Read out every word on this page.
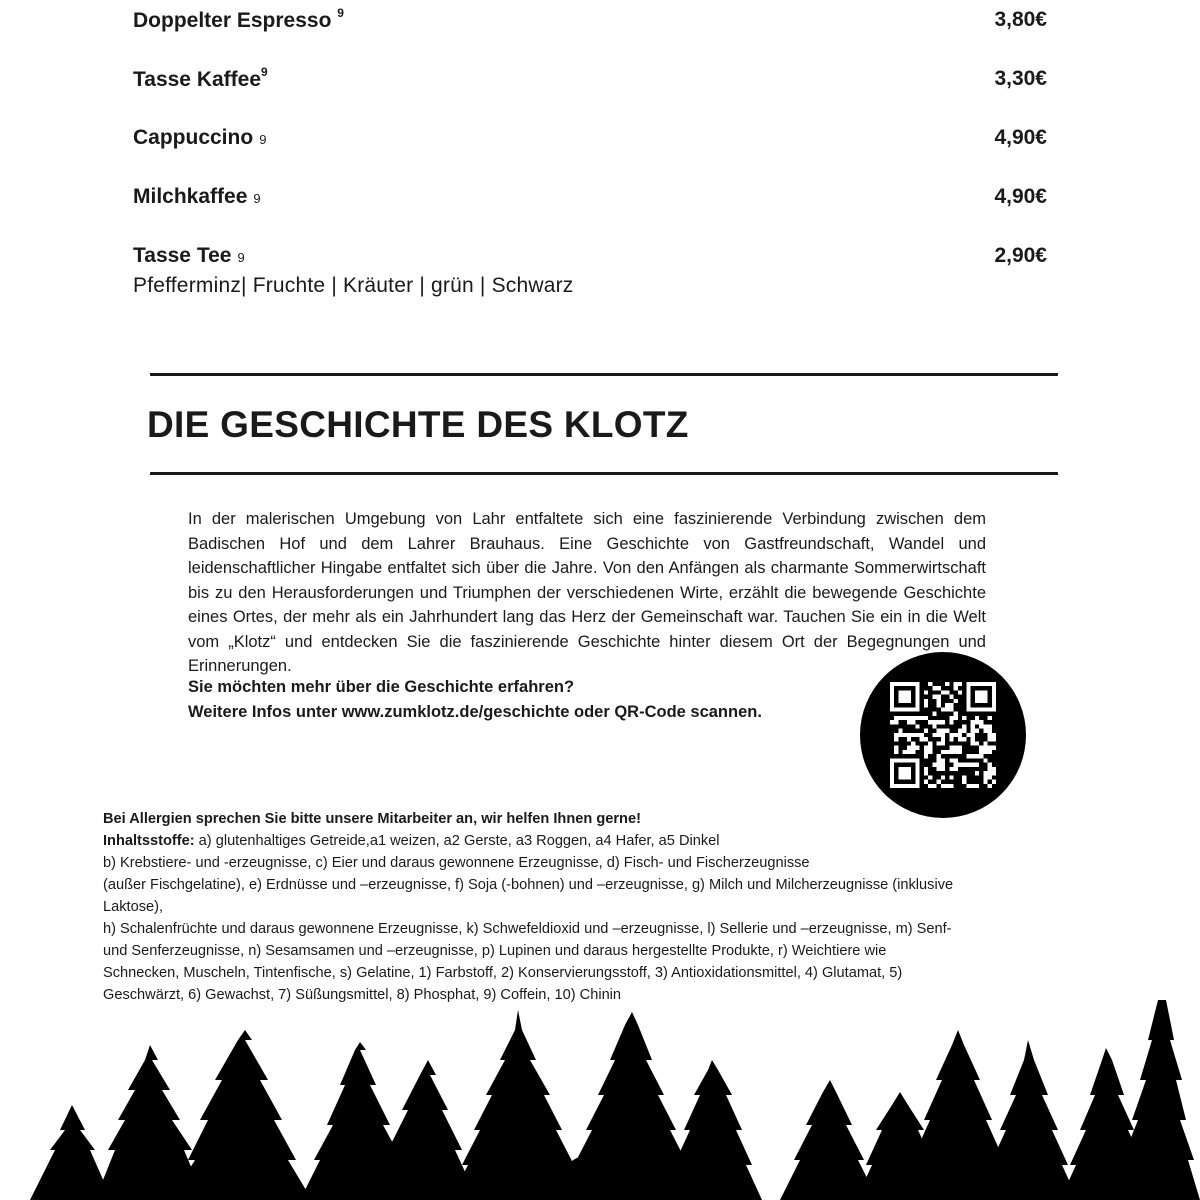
Doppelter Espresso $^9$	3,80€
Tasse Kaffee$^9$	3,30€
Cappuccino 9	4,90€
Milchkaffee 9	4,90€
Tasse Tee 9	2,90€
Pfefferminz| Fruchte | Kräuter | grün | Schwarz
DIE GESCHICHTE DES KLOTZ

In der malerischen Umgebung von Lahr entfaltete sich eine faszinierende Verbindung zwischen dem Badischen Hof und dem Lahrer Brauhaus. Eine Geschichte von Gastfreundschaft, Wandel und leidenschaftlicher Hingabe entfaltet sich über die Jahre. Von den Anfängen als charmante Sommerwirtschaft bis zu den Herausforderungen und Triumphen der verschiedenen Wirte, erzählt die bewegende Geschichte eines Ortes, der mehr als ein Jahrhundert lang das Herz der Gemeinschaft war. Tauchen Sie ein in die Welt vom „Klotz“ und entdecken Sie die faszinierende Geschichte hinter diesem Ort der Begegnungen und Erinnerungen.

Sie möchten mehr über die Geschichte erfahren?
Weitere Infos unter www.zumklotz.de/geschichte oder QR-Code scannen.
Bei Allergien sprechen Sie bitte unsere Mitarbeiter an, wir helfen Ihnen gerne!
Inhaltsstoffe: a) glutenhaltiges Getreide,a1 weizen, a2 Gerste, a3 Roggen, a4 Hafer, a5 Dinkel
b) Krebstiere- und -erzeugnisse, c) Eier und daraus gewonnene Erzeugnisse, d) Fisch- und Fischerzeugnisse
(außer Fischgelatine), e) Erdnüsse und –erzeugnisse, f) Soja (-bohnen) und –erzeugnisse, g) Milch und Milcherzeugnisse (inklusive
Laktose),
h) Schalenfrüchte und daraus gewonnene Erzeugnisse, k) Schwefeldioxid und –erzeugnisse, l) Sellerie und –erzeugnisse, m) Senf-
und Senferzeugnisse, n) Sesamsamen und –erzeugnisse, p) Lupinen und daraus hergestellte Produkte, r) Weichtiere wie
Schnecken, Muscheln, Tintenfische, s) Gelatine, 1) Farbstoff, 2) Konservierungsstoff, 3) Antioxidationsmittel, 4) Glutamat, 5)
Geschwärzt, 6) Gewachst, 7) Süßungsmittel, 8) Phosphat, 9) Coffein, 10) Chinin
